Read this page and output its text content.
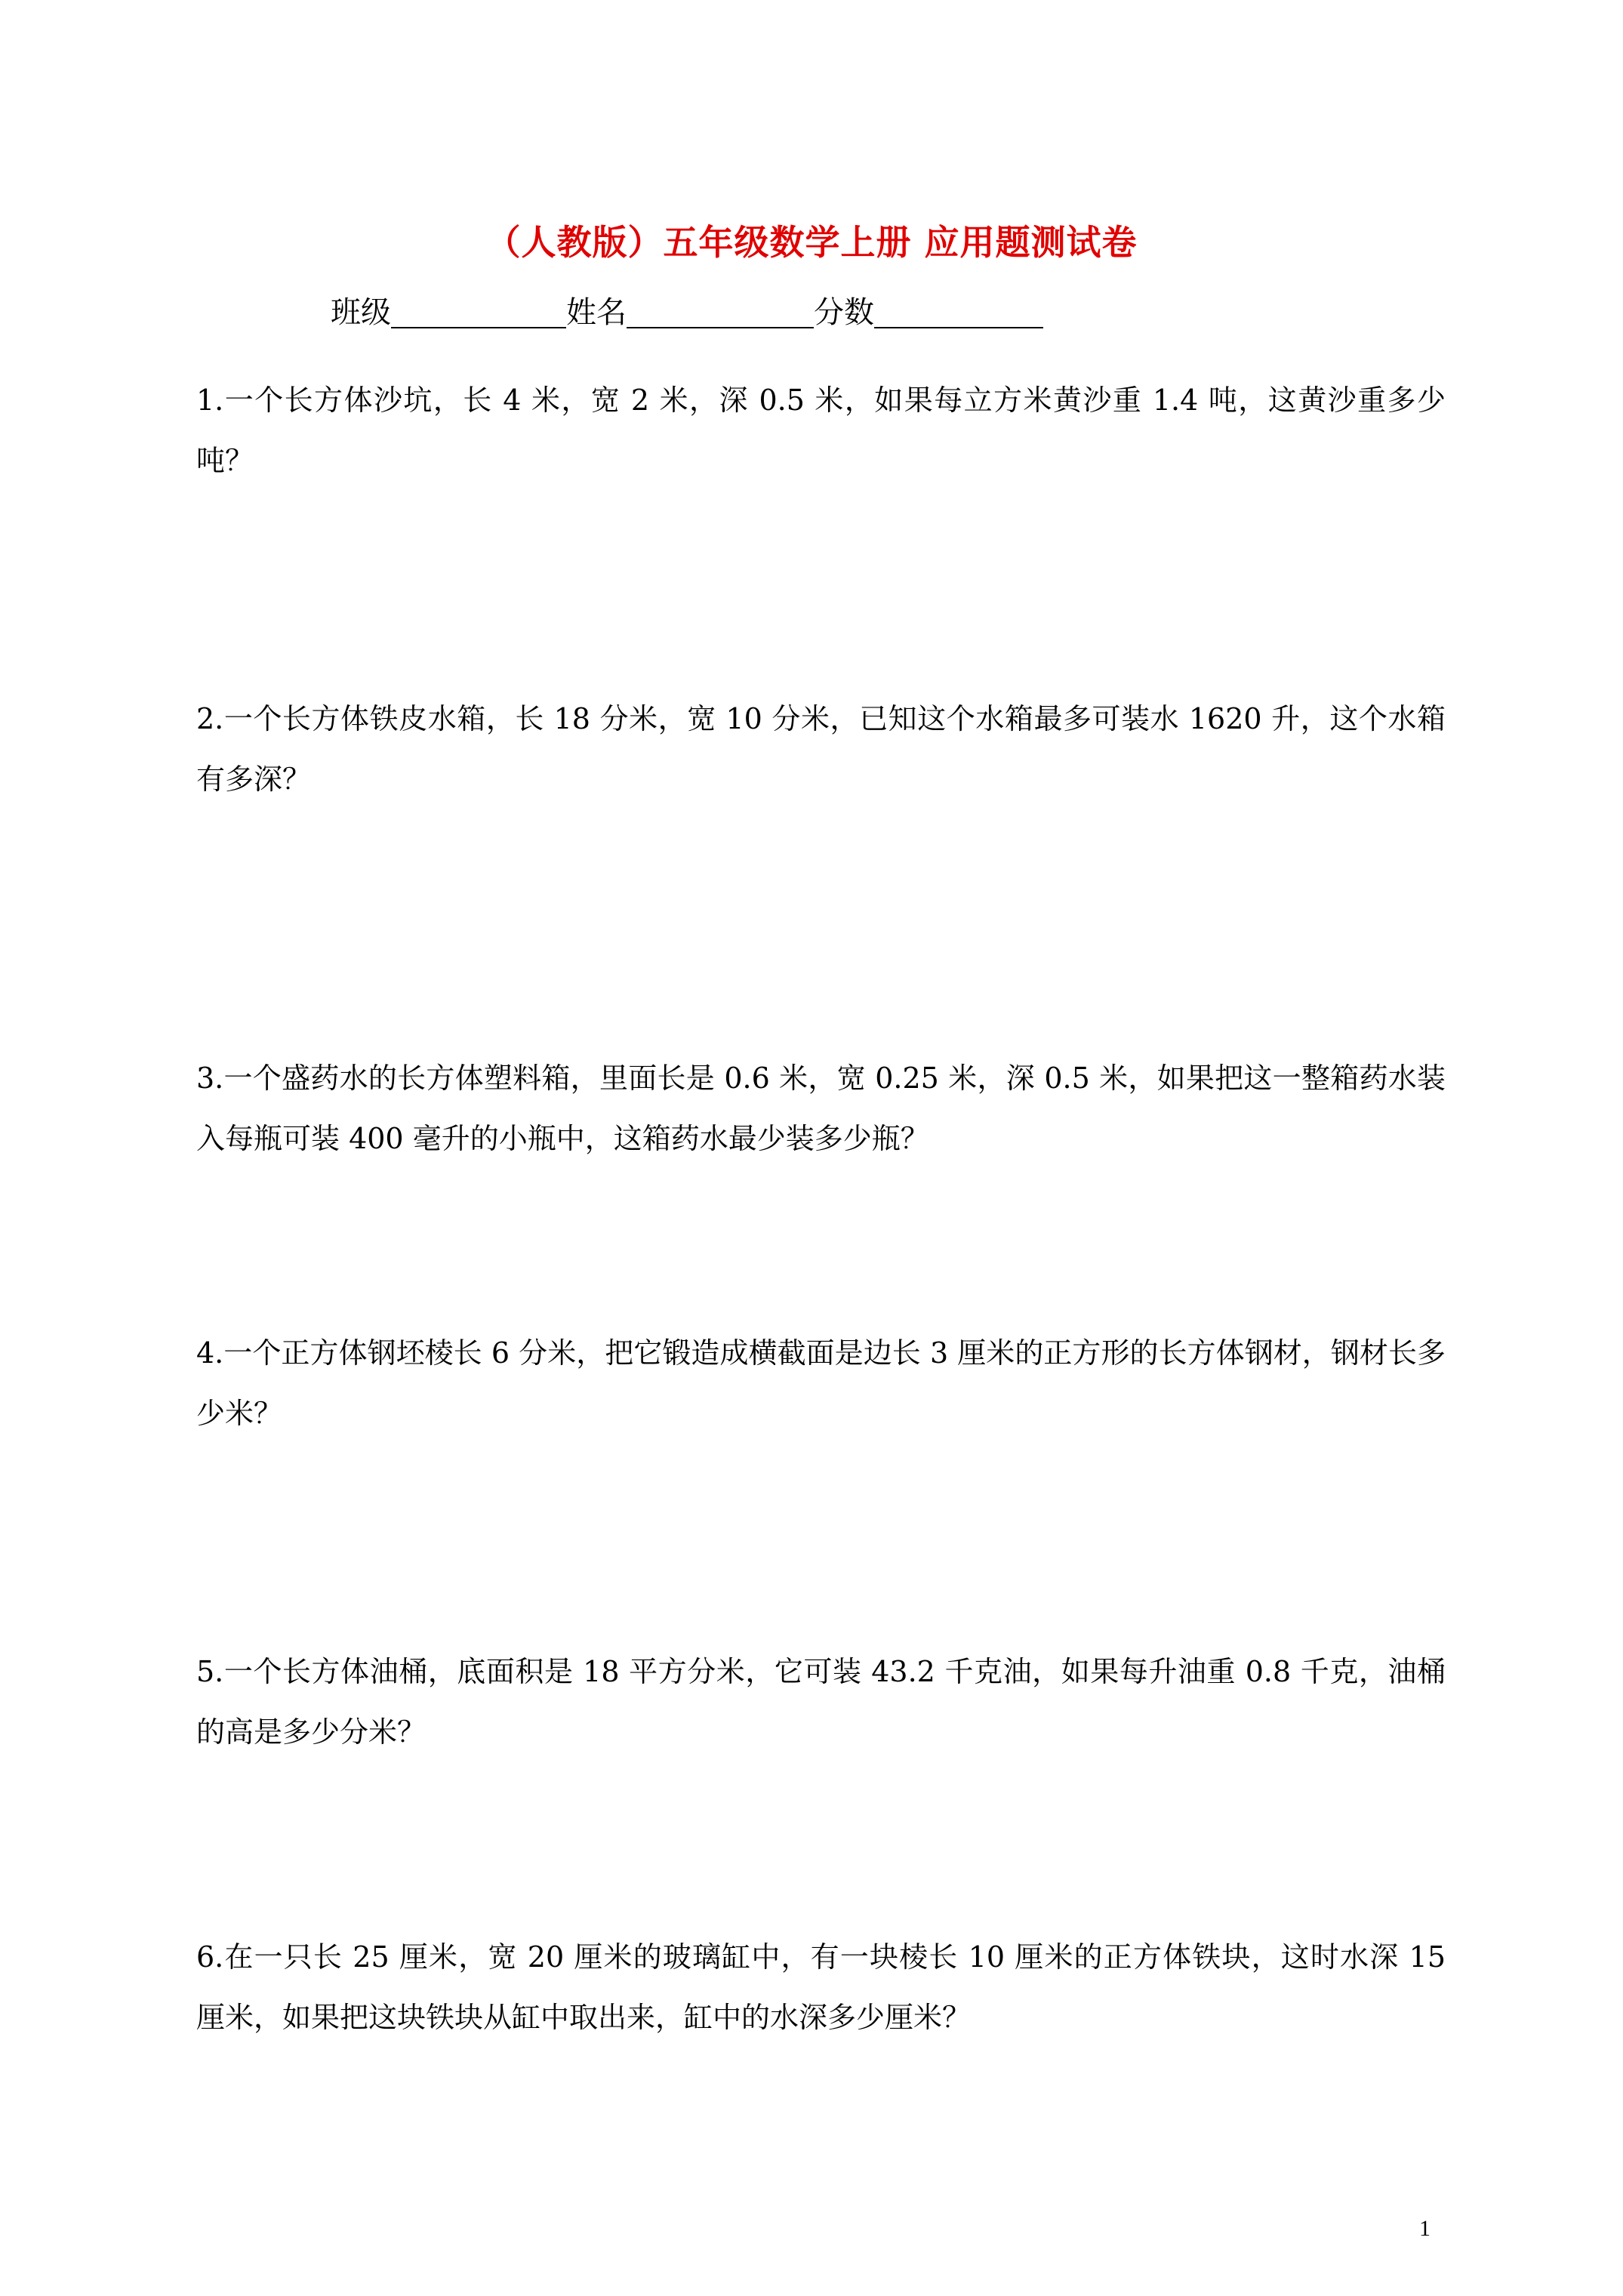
（人教版）五年级数学上册 应用题测试卷
班级	姓名	分数

1.一个长方体沙坑，长 4 米，宽 2 米，深 0.5 米，如果每立方米黄沙重 1.4 吨，这黄沙重多少吨？

2.一个长方体铁皮水箱，长 18 分米，宽 10 分米，已知这个水箱最多可装水 1620 升，这个水箱有多深？

3.一个盛药水的长方体塑料箱，里面长是 0.6 米，宽 0.25 米，深 0.5 米，如果把这一整箱药水装入每瓶可装 400 毫升的小瓶中，这箱药水最少装多少瓶？

4.一个正方体钢坯棱长 6 分米，把它锻造成横截面是边长 3 厘米的正方形的长方体钢材，钢材长多少米？

5.一个长方体油桶，底面积是 18 平方分米，它可装 43.2 千克油，如果每升油重 0.8 千克，油桶的高是多少分米？

6.在一只长 25 厘米，宽 20 厘米的玻璃缸中，有一块棱长 10 厘米的正方体铁块，这时水深 15 厘米，如果把这块铁块从缸中取出来，缸中的水深多少厘米？

1
